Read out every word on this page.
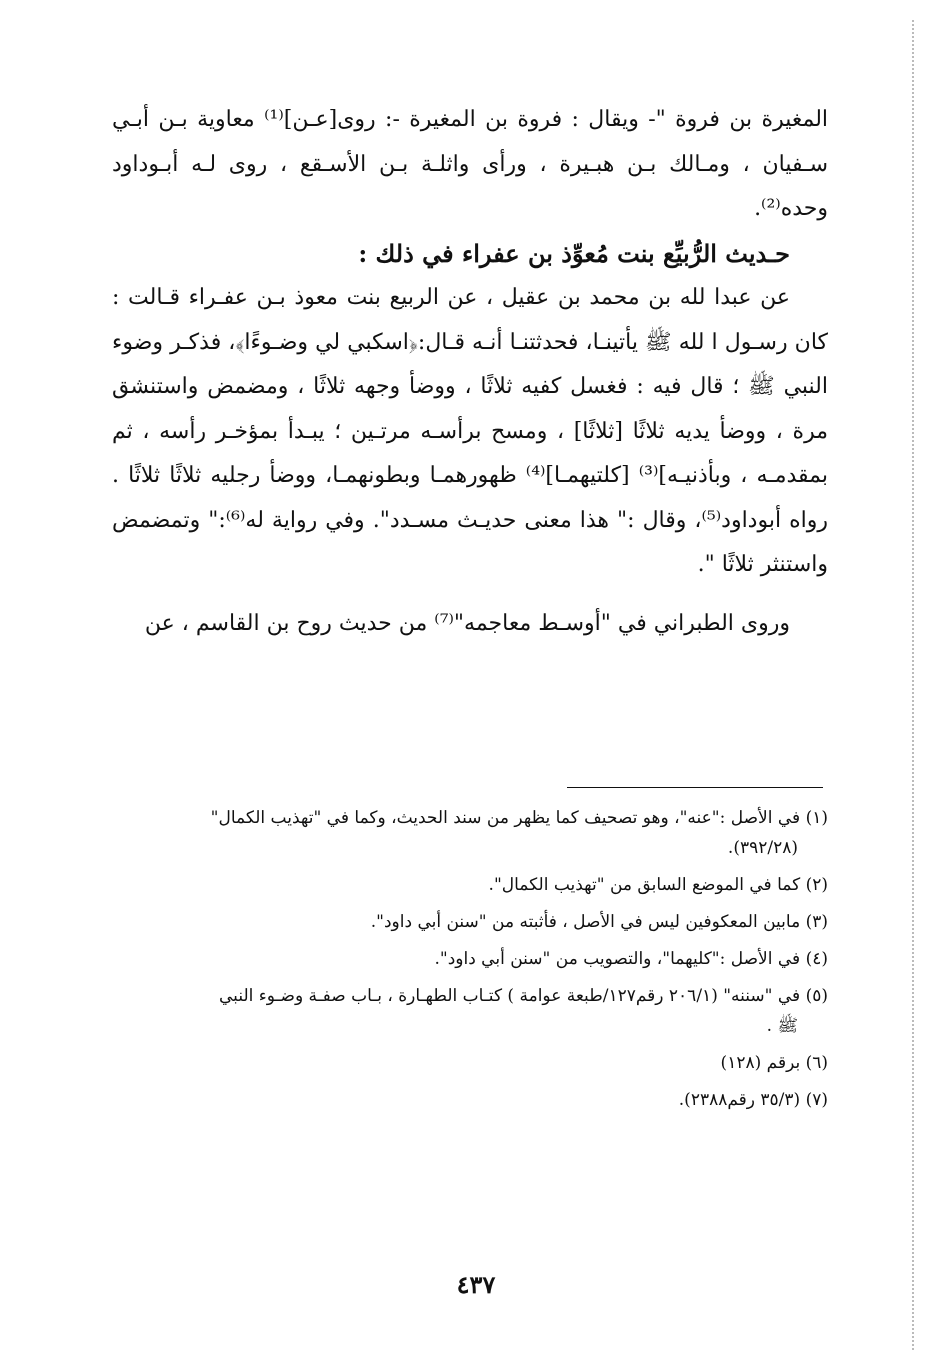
المغيرة بن فروة "- ويقال : فروة بن المغيرة -: روى[عـن]⁽¹⁾ معاوية بـن أبـي سـفيان ، ومـالك بـن هبـيرة ، ورأى واثلـة بـن الأسـقع ، روى لـه أبـوداود وحده⁽²⁾.

حـديث الرُّبيِّع بنت مُعوِّذ بن عفراء في ذلك :

عن عبدا لله بن محمد بن عقيل ، عن الربيع بنت معوذ بـن عفـراء قـالت : كان رسـول ا لله ﷺ يأتينـا، فحدثتنـا أنـه قـال:﴿اسكبي لي وضـوءًا﴾، فذكـر وضوء النبي ﷺ ؛ قال فيه : فغسل كفيه ثلاثًا ، ووضأ وجهه ثلاثًا ، ومضمض واستنشق مرة ، ووضأ يديه ثلاثًا [ثلاثًا] ، ومسح برأسـه مرتـين ؛ يبـدأ بمؤخـر رأسه ، ثم بمقدمـه ، وبأذنيـه]⁽³⁾ [كلتيهمـا]⁽⁴⁾ ظهورهمـا وبطونهمـا، ووضأ رجليه ثلاثًا ثلاثًا . رواه أبوداود⁽⁵⁾، وقال :" هذا معنى حديـث مسـدد". وفي رواية له⁽⁶⁾:" وتمضمض واستنثر ثلاثًا ".

وروى الطبراني في "أوسـط معاجمه"⁽⁷⁾ من حديث روح بن القاسم ، عن

(١) في الأصل :"عنه"، وهو تصحيف كما يظهر من سند الحديث، وكما في "تهذيب الكمال"
(٣٩٢/٢٨).
(٢) كما في الموضع السابق من "تهذيب الكمال".
(٣) مابين المعكوفين ليس في الأصل ، فأثبته من "سنن أبي داود".
(٤) في الأصل :"كليهما"، والتصويب من "سنن أبي داود".
(٥) في "سننه" (٢٠٦/١ رقم١٢٧/طبعة عوامة ) كتـاب الطهـارة ، بـاب صفـة وضـوء النبي
ﷺ .
(٦) برقم (١٢٨)
(٧) (٣٥/٣ رقم٢٣٨٨).
٤٣٧
